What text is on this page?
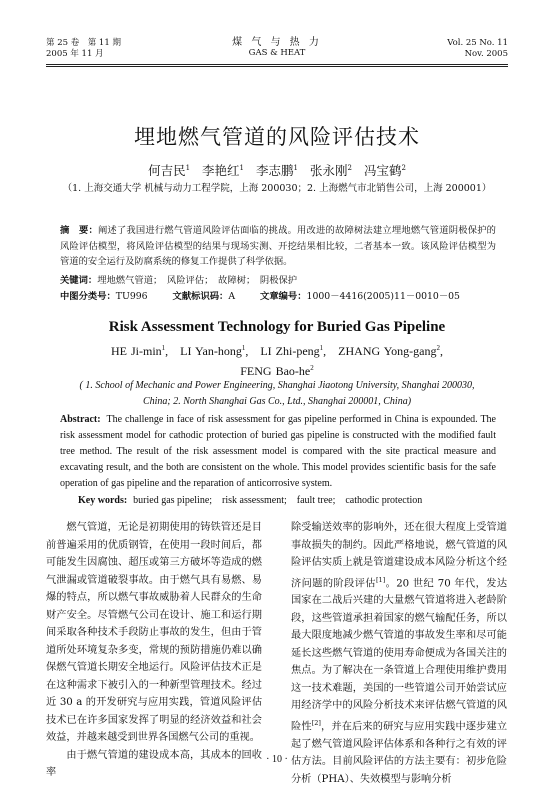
第 25 卷　第 11 期
2005 年 11 月
煤 气 与 热 力
GAS & HEAT
Vol. 25 No. 11
Nov. 2005
埋地燃气管道的风险评估技术
何吉民$^1$ 李艳红$^1$ 李志鹏$^1$ 张永刚$^2$ 冯宝鹤$^2$
（1. 上海交通大学 机械与动力工程学院，上海 200030；2. 上海燃气市北销售公司，上海 200001）
摘　要：阐述了我国进行燃气管道风险评估面临的挑战。用改进的故障树法建立埋地燃气管道阴极保护的风险评估模型，将风险评估模型的结果与现场实测、开挖结果相比较，二者基本一致。该风险评估模型为管道的安全运行及防腐系统的修复工作提供了科学依据。
关键词：埋地燃气管道；　风险评估；　故障树；　阴极保护
中图分类号：TU996	文献标识码：A	文章编号：1000－4416(2005)11－0010－05
Risk Assessment Technology for Buried Gas Pipeline
HE $Ji-\min^1$, LI Yan-hong$^1$, LI Zhi-peng$^1$, ZHANG Yong-gang$^2$,
FENG Bao-$he^2$
( 1. School of Mechanic and Power Engineering, Shanghai Jiaotong University, Shanghai 200030, China; 2. North Shanghai Gas Co., Ltd., Shanghai 200001, China)
Abstract: The challenge in face of risk assessment for gas pipeline performed in China is expounded. The risk assessment model for cathodic protection of buried gas pipeline is constructed with the modified fault tree method. The result of the risk assessment model is compared with the site practical measure and excavating result, and the both are consistent on the whole. This model provides scientific basis for the safe operation of gas pipeline and the reparation of anticorrosive system.
Key words: buried gas pipeline;　risk assessment;　fault tree;　cathodic protection

燃气管道，无论是初期使用的铸铁管还是目前普遍采用的优质钢管，在使用一段时间后，都可能发生因腐蚀、超压或第三方破坏等造成的燃气泄漏或管道破裂事故。由于燃气具有易燃、易爆的特点，所以燃气事故威胁着人民群众的生命财产安全。尽管燃气公司在设计、施工和运行期间采取各种技术手段防止事故的发生，但由于管道所处环境复杂多变，常规的预防措施仍难以确保燃气管道长期安全地运行。风险评估技术正是在这种需求下被引入的一种新型管理技术。经过近 30 a 的开发研究与应用实践，管道风险评估技术已在许多国家发挥了明显的经济效益和社会效益，并越来越受到世界各国燃气公司的重视。

由于燃气管道的建设成本高，其成本的回收率

除受输送效率的影响外，还在很大程度上受管道事故损失的制约。因此严格地说，燃气管道的风险评估实质上就是管道建设成本风险分析这个经济问题的阶段评估[1]。20 世纪 70 年代，发达国家在二战后兴建的大量燃气管道将进入老龄阶段，这些管道承担着国家的燃气输配任务，所以最大限度地减少燃气管道的事故发生率和尽可能延长这些燃气管道的使用寿命便成为各国关注的焦点。为了解决在一条管道上合理使用维护费用这一技术难题，美国的一些管道公司开始尝试应用经济学中的风险分析技术来评估燃气管道的风险性[2]，并在后来的研究与应用实践中逐步建立起了燃气管道风险评估体系和各种行之有效的评估方法。目前风险评估的方法主要有：初步危险分析（PHA）、失效模型与影响分析

· 10 ·
